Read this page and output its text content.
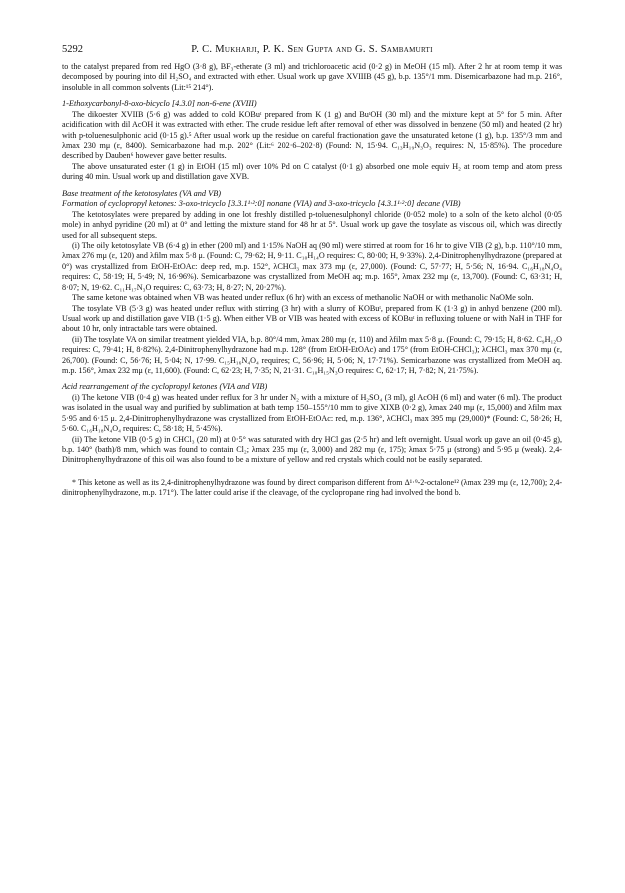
5292	P. C. Mukharji, P. K. Sen Gupta and G. S. Sambamurti

to the catalyst prepared from red HgO (3·8 g), BF₃-etherate (3 ml) and trichloroacetic acid (0·2 g) in MeOH (15 ml). After 2 hr at room temp it was decomposed by pouring into dil H₂SO₄ and extracted with ether. Usual work up gave XVIIIB (45 g), b.p. 135°/1 mm. Disemicarbazone had m.p. 216°, insoluble in all common solvents (Lit:¹⁵ 214°).

1-Ethoxycarbonyl-8-oxo-bicyclo [4.3.0] non-6-ene (XVIII)

The dikoester XVIIB (5·6 g) was added to cold KOBuᵗ prepared from K (1 g) and BuᵗOH (30 ml) and the mixture kept at 5° for 5 min. After acidification with dil AcOH it was extracted with ether. The crude residue left after removal of ether was dissolved in benzene (50 ml) and heated (2 hr) with p-toluenesulphonic acid (0·15 g).⁵ After usual work up the residue on careful fractionation gave the unsaturated ketone (1 g), b.p. 135°/3 mm and λmax 230 mμ (ε, 8400). Semicarbazone had m.p. 202° (Lit:⁶ 202·6–202·8) (Found: N, 15·94. C₁₃H₁₉N₃O₃ requires: N, 15·85%). The procedure described by Dauben⁶ however gave better results.

The above unsaturated ester (1 g) in EtOH (15 ml) over 10% Pd on C catalyst (0·1 g) absorbed one mole equiv H₂ at room temp and atom press during 40 min. Usual work up and distillation gave XVB.

Base treatment of the ketotosylates (VA and VB)
Formation of cyclopropyl ketones: 3-oxo-tricyclo [3.3.1¹·²:0] nonane (VIA) and 3-oxo-tricyclo [4.3.1¹·²:0] decane (VIB)

The ketotosylates were prepared by adding in one lot freshly distilled p-toluenesulphonyl chloride (0·052 mole) to a soln of the keto alchol (0·05 mole) in anhyd pyridine (20 ml) at 0° and letting the mixture stand for 48 hr at 5°. Usual work up gave the tosylate as viscous oil, which was directly used for all subsequent steps.

(i) The oily ketotosylate VB (6·4 g) in ether (200 ml) and 1·15% NaOH aq (90 ml) were stirred at room for 16 hr to give VIB (2 g), b.p. 110°/10 mm, λmax 276 mμ (ε, 120) and λfilm max 5·8 μ. (Found: C, 79·62; H, 9·11. C₁₀H₁₄O requires: C, 80·00; H, 9·33%). 2,4-Dinitrophenylhydrazone (prepared at 0°) was crystallized from EtOH-EtOAc: deep red, m.p. 152°, λCHCl₃ max 373 mμ (ε, 27,000). (Found: C, 57·77; H, 5·56; N, 16·94. C₁₆H₁₈N₄O₄ requires: C, 58·19; H, 5·49; N, 16·96%). Semicarbazone was crystallized from MeOH aq; m.p. 165°, λmax 232 mμ (ε, 13,700). (Found: C, 63·31; H, 8·07; N, 19·62. C₁₁H₁₇N₃O requires: C, 63·73; H, 8·27; N, 20·27%).

The same ketone was obtained when VB was heated under reflux (6 hr) with an excess of methanolic NaOH or with methanolic NaOMe soln.

The tosylate VB (5·3 g) was heated under reflux with stirring (3 hr) with a slurry of KOBuᵗ, prepared from K (1·3 g) in anhyd benzene (200 ml). Usual work up and distillation gave VIB (1·5 g). When either VB or VIB was heated with excess of KOBuᵗ in refluxing toluene or with NaH in THF for about 10 hr, only intractable tars were obtained.

(ii) The tosylate VA on similar treatment yielded VIA, b.p. 80°/4 mm, λmax 280 mμ (ε, 110) and λfilm max 5·8 μ. (Found: C, 79·15; H, 8·62. C₉H₁₂O requires: C, 79·41; H, 8·82%). 2,4-Dinitrophenylhydrazone had m.p. 128° (from EtOH-EtOAc) and 175° (from EtOH-CHCl₃); λCHCl₃ max 370 mμ (ε, 26,700). (Found: C, 56·76; H, 5·04; N, 17·99. C₁₅H₁₆N₄O₄ requires; C, 56·96; H, 5·06; N, 17·71%). Semicarbazone was crystallized from MeOH aq. m.p. 156°, λmax 232 mμ (ε, 11,600). (Found: C, 62·23; H, 7·35; N, 21·31. C₁₀H₁₅N₃O requires: C, 62·17; H, 7·82; N, 21·75%).

Acid rearrangement of the cyclopropyl ketones (VIA and VIB)

(i) The ketone VIB (0·4 g) was heated under reflux for 3 hr under N₂ with a mixture of H₂SO₄ (3 ml), gl AcOH (6 ml) and water (6 ml). The product was isolated in the usual way and purified by sublimation at bath temp 150–155°/10 mm to give XIXB (0·2 g), λmax 240 mμ (ε, 15,000) and λfilm max 5·95 and 6·15 μ. 2,4-Dinitrophenylhydrazone was crystallized from EtOH-EtOAc: red, m.p. 136°, λCHCl₃ max 395 mμ (29,000)* (Found: C, 58·26; H, 5·60. C₁₆H₁₈N₄O₄ requires: C, 58·18; H, 5·45%).

(ii) The ketone VIB (0·5 g) in CHCl₃ (20 ml) at 0·5° was saturated with dry HCl gas (2·5 hr) and left overnight. Usual work up gave an oil (0·45 g), b.p. 140° (bath)/8 mm, which was found to contain Cl₂; λmax 235 mμ (ε, 3,000) and 282 mμ (ε, 175); λmax 5·75 μ (strong) and 5·95 μ (weak). 2,4-Dinitrophenylhydrazone of this oil was also found to be a mixture of yellow and red crystals which could not be easily separated.

* This ketone as well as its 2,4-dinitrophenylhydrazone was found by direct comparison different from Δ¹·⁹-2-octalone¹² (λmax 239 mμ (ε, 12,700); 2,4-dinitrophenylhydrazone, m.p. 171°). The latter could arise if the cleavage, of the cyclopropane ring had involved the bond b.
